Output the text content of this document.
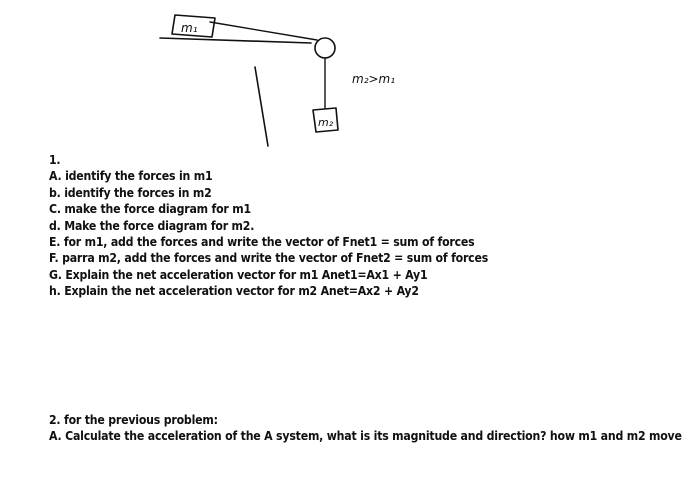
m₁
m₂
m₂>m₁
1.
A. identify the forces in m1
b. identify the forces in m2
C. make the force diagram for m1
d. Make the force diagram for m2.
E. for m1, add the forces and write the vector of Fnet1 = sum of forces
F. parra m2, add the forces and write the vector of Fnet2 = sum of forces
G. Explain the net acceleration vector for m1 Anet1=Ax1 + Ay1
h. Explain the net acceleration vector for m2 Anet=Ax2 + Ay2
2. for the previous problem:
A. Calculate the acceleration of the A system, what is its magnitude and direction? how m1 and m2 move
